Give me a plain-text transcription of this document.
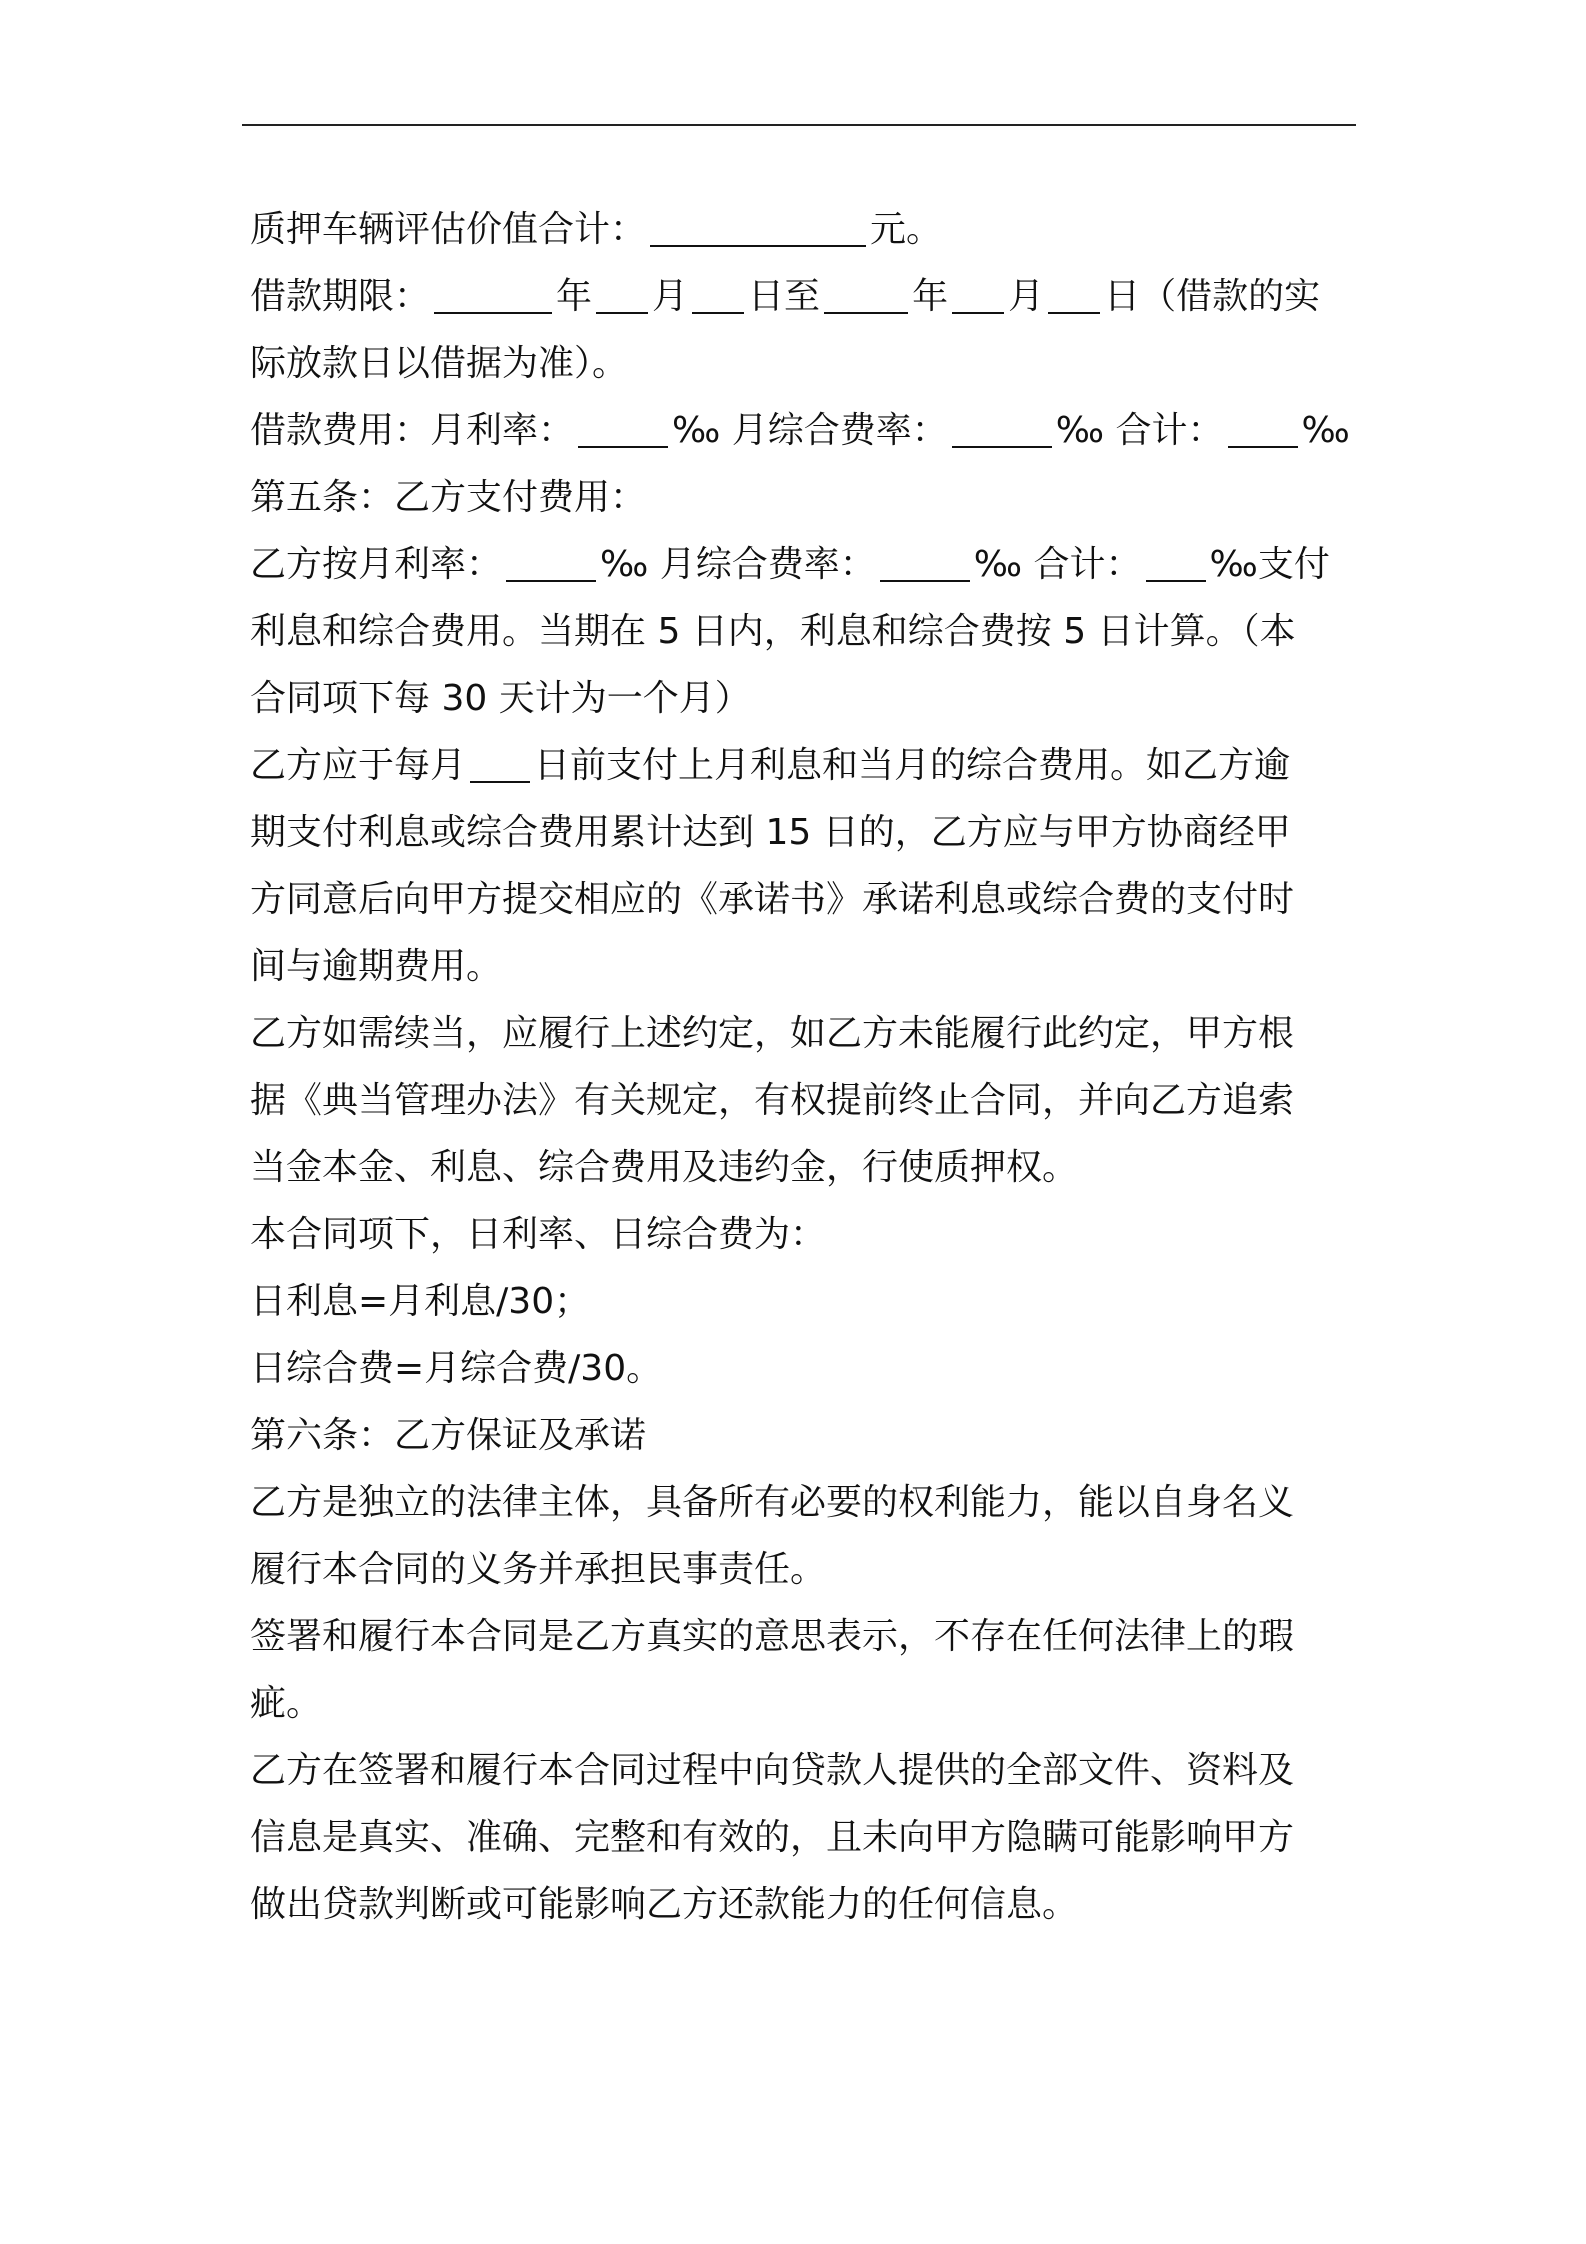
质押车辆评估价值合计：	元。
借款期限：	年 月 日至	年 月 日（借款的实
际放款日以借据为准）。
借款费用：月利率：	‰ 月综合费率：	‰ 合计： ‰
第五条：乙方支付费用：
乙方按月利率：	‰ 月综合费率：	‰ 合计： ‰支付
利息和综合费用。当期在 5 日内，利息和综合费按 5 日计算。（本
合同项下每 30 天计为一个月）
乙方应于每月 日前支付上月利息和当月的综合费用。如乙方逾
期支付利息或综合费用累计达到 15 日的，乙方应与甲方协商经甲
方同意后向甲方提交相应的《承诺书》承诺利息或综合费的支付时
间与逾期费用。
乙方如需续当，应履行上述约定，如乙方未能履行此约定，甲方根
据《典当管理办法》有关规定，有权提前终止合同，并向乙方追索
当金本金、利息、综合费用及违约金，行使质押权。
本合同项下，日利率、日综合费为：
日利息=月利息/30；
日综合费=月综合费/30。
第六条：乙方保证及承诺
乙方是独立的法律主体，具备所有必要的权利能力，能以自身名义
履行本合同的义务并承担民事责任。
签署和履行本合同是乙方真实的意思表示，不存在任何法律上的瑕
疵。
乙方在签署和履行本合同过程中向贷款人提供的全部文件、资料及
信息是真实、准确、完整和有效的，且未向甲方隐瞒可能影响甲方
做出贷款判断或可能影响乙方还款能力的任何信息。
